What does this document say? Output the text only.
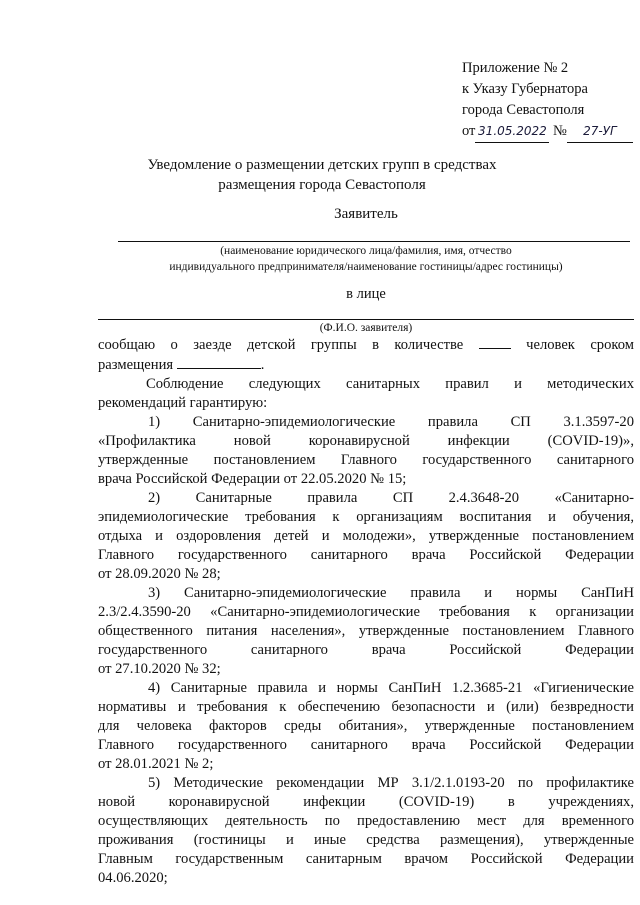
Приложение № 2
к Указу Губернатора
города Севастополя
от 31.05.2022 № 27-УГ
Уведомление о размещении детских групп в средствах размещения города Севастополя
Заявитель
(наименование юридического лица/фамилия, имя, отчество
индивидуального предпринимателя/наименование гостиницы/адрес гостиницы)
в лице
(Ф.И.О. заявителя)

сообщаю о заезде детской группы в количестве	человек сроком

размещения	.

Соблюдение следующих санитарных правил и методических

рекомендаций гарантирую:

1) Санитарно-эпидемиологические правила СП 3.1.3597-20

«Профилактика новой коронавирусной инфекции (COVID-19)»,

утвержденные постановлением Главного государственного санитарного

врача Российской Федерации от 22.05.2020 № 15;

2) Санитарные правила СП 2.4.3648-20 «Санитарно-

эпидемиологические требования к организациям воспитания и обучения,

отдыха и оздоровления детей и молодежи», утвержденные постановлением

Главного государственного санитарного врача Российской Федерации

от 28.09.2020 № 28;

3) Санитарно-эпидемиологические правила и нормы СанПиН

2.3/2.4.3590-20 «Санитарно-эпидемиологические требования к организации

общественного питания населения», утвержденные постановлением Главного

государственного санитарного врача Российской Федерации

от 27.10.2020 № 32;

4) Санитарные правила и нормы СанПиН 1.2.3685-21 «Гигиенические

нормативы и требования к обеспечению безопасности и (или) безвредности

для человека факторов среды обитания», утвержденные постановлением

Главного государственного санитарного врача Российской Федерации

от 28.01.2021 № 2;

5) Методические рекомендации МР 3.1/2.1.0193-20 по профилактике

новой коронавирусной инфекции (COVID-19) в учреждениях,

осуществляющих деятельность по предоставлению мест для временного

проживания (гостиницы и иные средства размещения), утвержденные

Главным государственным санитарным врачом Российской Федерации

04.06.2020;
